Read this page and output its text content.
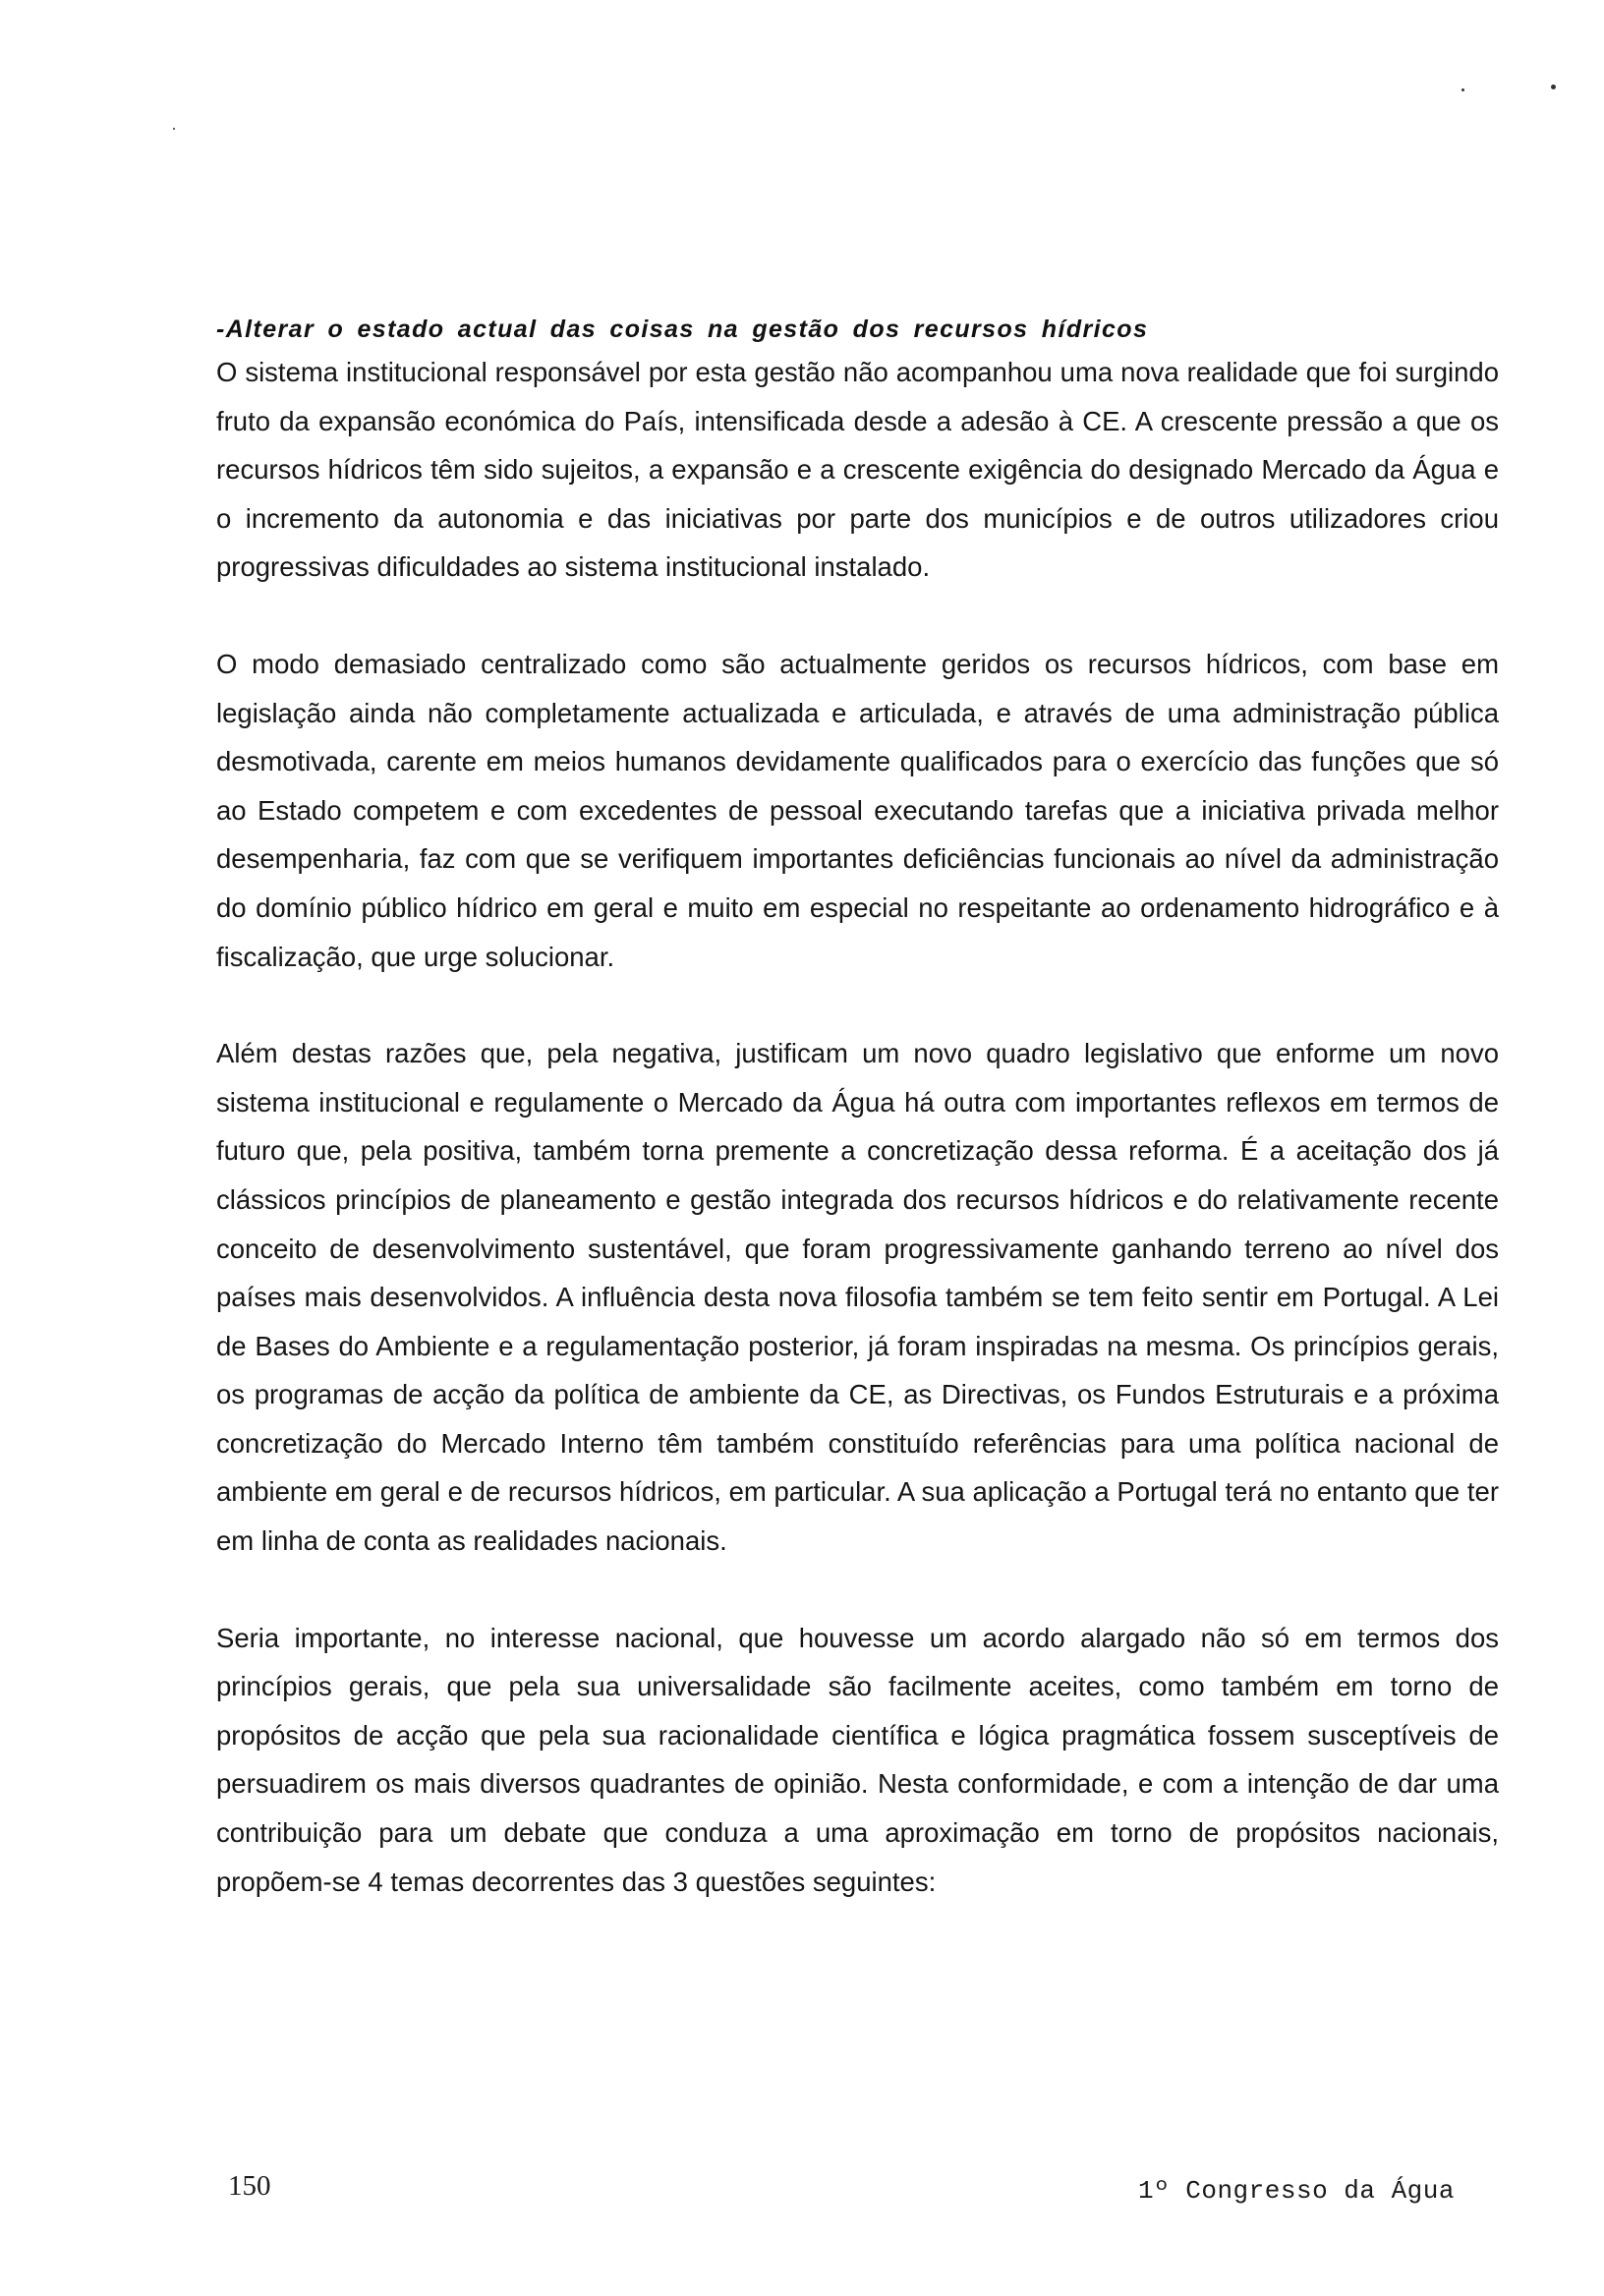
-Alterar o estado actual das coisas na gestão dos recursos hídricos

O sistema institucional responsável por esta gestão não acompanhou uma nova realidade que foi surgindo fruto da expansão económica do País, intensificada desde a adesão à CE. A crescente pressão a que os recursos hídricos têm sido sujeitos, a expansão e a crescente exigência do designado Mercado da Água e o incremento da autonomia e das iniciativas por parte dos municípios e de outros utilizadores criou progressivas dificuldades ao sistema institucional instalado.

O modo demasiado centralizado como são actualmente geridos os recursos hídricos, com base em legislação ainda não completamente actualizada e articulada, e através de uma administração pública desmotivada, carente em meios humanos devidamente qualificados para o exercício das funções que só ao Estado competem e com excedentes de pessoal executando tarefas que a iniciativa privada melhor desempenharia, faz com que se verifiquem importantes deficiências funcionais ao nível da administração do domínio público hídrico em geral e muito em especial no respeitante ao ordenamento hidrográfico e à fiscalização, que urge solucionar.

Além destas razões que, pela negativa, justificam um novo quadro legislativo que enforme um novo sistema institucional e regulamente o Mercado da Água há outra com importantes reflexos em termos de futuro que, pela positiva, também torna premente a concretização dessa reforma. É a aceitação dos já clássicos princípios de planeamento e gestão integrada dos recursos hídricos e do relativamente recente conceito de desenvolvimento sustentável, que foram progressivamente ganhando terreno ao nível dos países mais desenvolvidos. A influência desta nova filosofia também se tem feito sentir em Portugal. A Lei de Bases do Ambiente e a regulamentação posterior, já foram inspiradas na mesma. Os princípios gerais, os programas de acção da política de ambiente da CE, as Directivas, os Fundos Estruturais e a próxima concretização do Mercado Interno têm também constituído referências para uma política nacional de ambiente em geral e de recursos hídricos, em particular. A sua aplicação a Portugal terá no entanto que ter em linha de conta as realidades nacionais.

Seria importante, no interesse nacional, que houvesse um acordo alargado não só em termos dos princípios gerais, que pela sua universalidade são facilmente aceites, como também em torno de propósitos de acção que pela sua racionalidade científica e lógica pragmática fossem susceptíveis de persuadirem os mais diversos quadrantes de opinião. Nesta conformidade, e com a intenção de dar uma contribuição para um debate que conduza a uma aproximação em torno de propósitos nacionais, propõem-se 4 temas decorrentes das 3 questões seguintes:

150	1º Congresso da Água
